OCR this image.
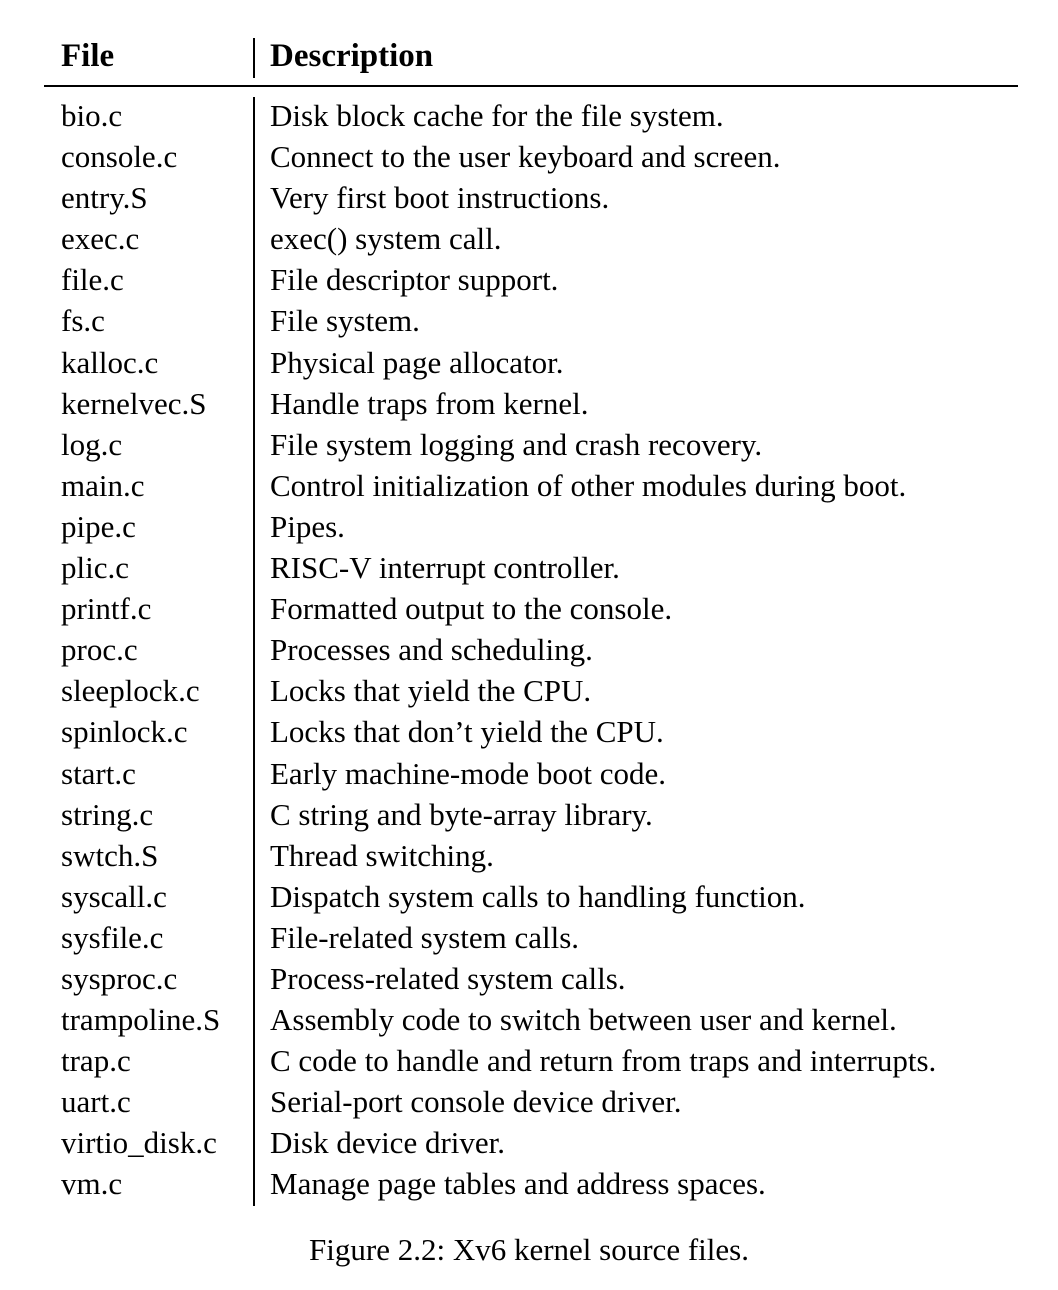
File	Description
bio.c	Disk block cache for the file system.
console.c	Connect to the user keyboard and screen.
entry.S	Very first boot instructions.
exec.c	exec() system call.
file.c	File descriptor support.
fs.c	File system.
kalloc.c	Physical page allocator.
kernelvec.S Handle traps from kernel.
log.c	File system logging and crash recovery.
main.c	Control initialization of other modules during boot.
pipe.c	Pipes.
plic.c	RISC-V interrupt controller.
printf.c	Formatted output to the console.
proc.c	Processes and scheduling.
sleeplock.c Locks that yield the CPU.
spinlock.c	Locks that don’t yield the CPU.
start.c	Early machine-mode boot code.
string.c	C string and byte-array library.
swtch.S	Thread switching.
syscall.c	Dispatch system calls to handling function.
sysfile.c	File-related system calls.
sysproc.c	Process-related system calls.
trampoline.S Assembly code to switch between user and kernel.
trap.c	C code to handle and return from traps and interrupts.
uart.c	Serial-port console device driver.
virtio_disk.c Disk device driver.
vm.c	Manage page tables and address spaces.
Figure 2.2: Xv6 kernel source files.
